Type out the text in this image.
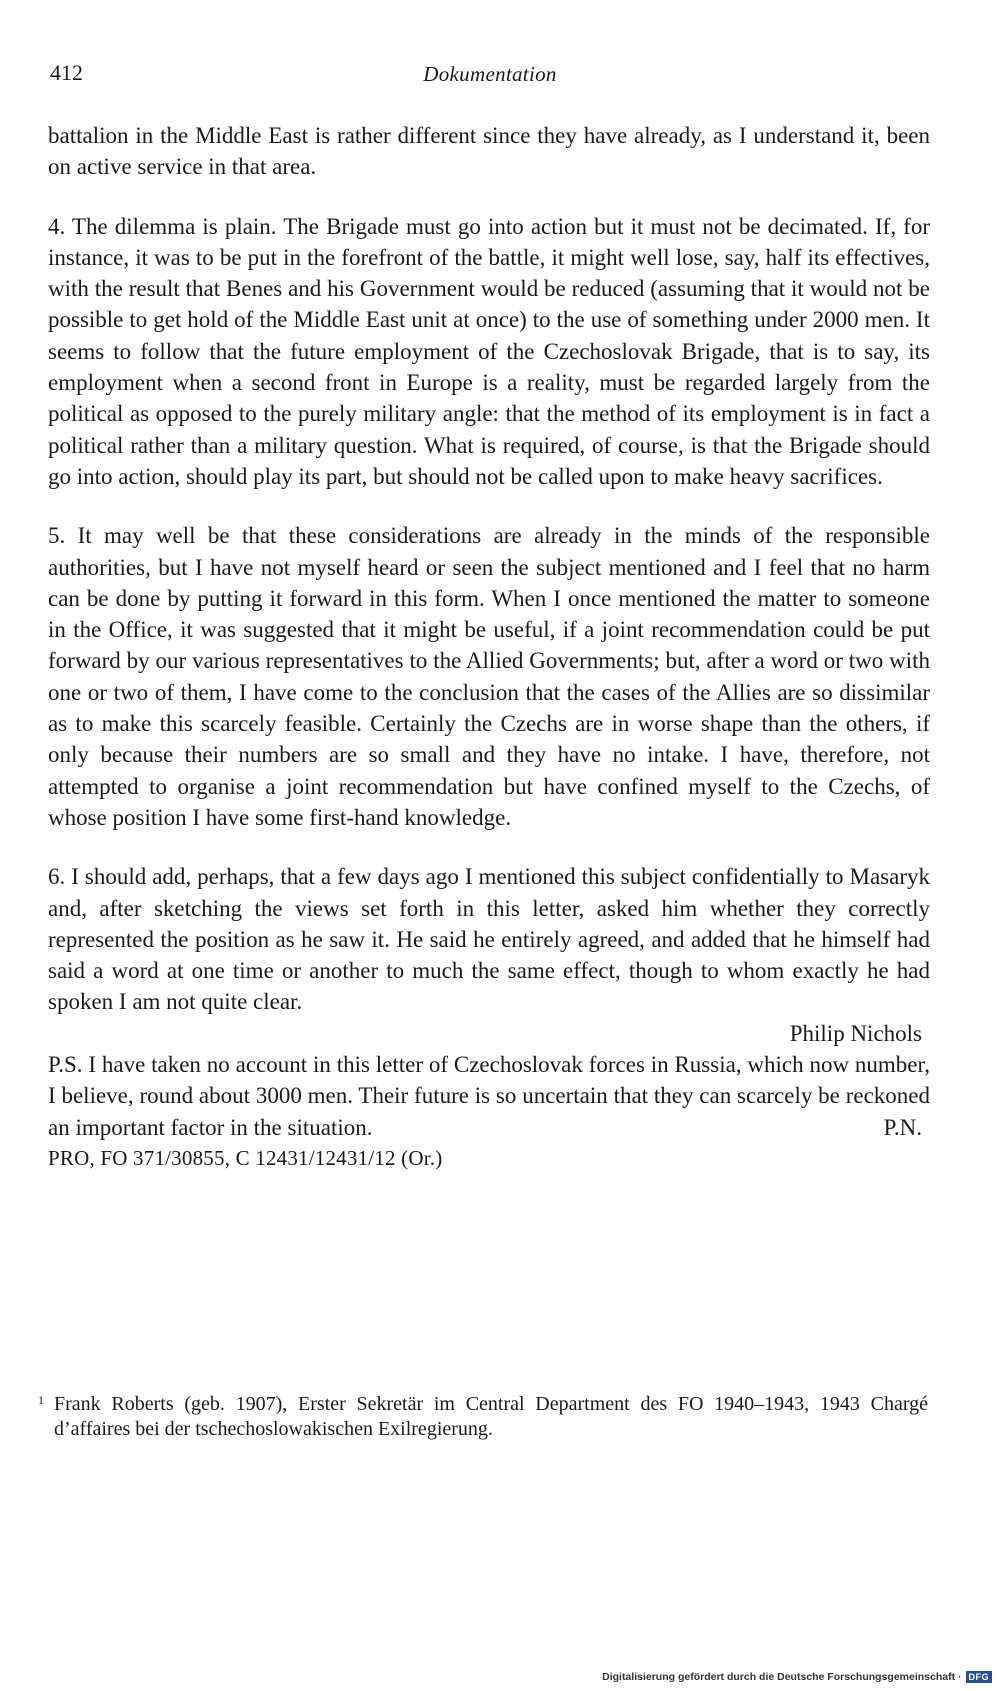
412	Dokumentation

battalion in the Middle East is rather different since they have already, as I understand it, been on active service in that area.

4. The dilemma is plain. The Brigade must go into action but it must not be decimated. If, for instance, it was to be put in the forefront of the battle, it might well lose, say, half its effectives, with the result that Benes and his Government would be reduced (assuming that it would not be possible to get hold of the Middle East unit at once) to the use of something under 2000 men. It seems to follow that the future employment of the Czechoslovak Brigade, that is to say, its employment when a second front in Europe is a reality, must be regarded largely from the political as opposed to the purely military angle: that the method of its employment is in fact a political rather than a military question. What is required, of course, is that the Brigade should go into action, should play its part, but should not be called upon to make heavy sacrifices.

5. It may well be that these considerations are already in the minds of the responsible authorities, but I have not myself heard or seen the subject mentioned and I feel that no harm can be done by putting it forward in this form. When I once mentioned the matter to someone in the Office, it was suggested that it might be useful, if a joint recommendation could be put forward by our various representatives to the Allied Governments; but, after a word or two with one or two of them, I have come to the conclusion that the cases of the Allies are so dissimilar as to make this scarcely feasible. Certainly the Czechs are in worse shape than the others, if only because their numbers are so small and they have no intake. I have, therefore, not attempted to organise a joint recommendation but have confined myself to the Czechs, of whose position I have some first-hand knowledge.

6. I should add, perhaps, that a few days ago I mentioned this subject confidentially to Masaryk and, after sketching the views set forth in this letter, asked him whether they correctly represented the position as he saw it. He said he entirely agreed, and added that he himself had said a word at one time or another to much the same effect, though to whom exactly he had spoken I am not quite clear.

Philip Nichols

P.S. I have taken no account in this letter of Czechoslovak forces in Russia, which now number, I believe, round about 3000 men. Their future is so uncertain that they can scarcely be reckoned an important factor in the situation.	P.N.

PRO, FO 371/30855, C 12431/12431/12 (Or.)

1 Frank Roberts (geb. 1907), Erster Sekretär im Central Department des FO 1940–1943, 1943 Chargé d’affaires bei der tschechoslowakischen Exilregierung.
Digitalisierung gefördert durch die Deutsche Forschungsgemeinschaft · DFG
